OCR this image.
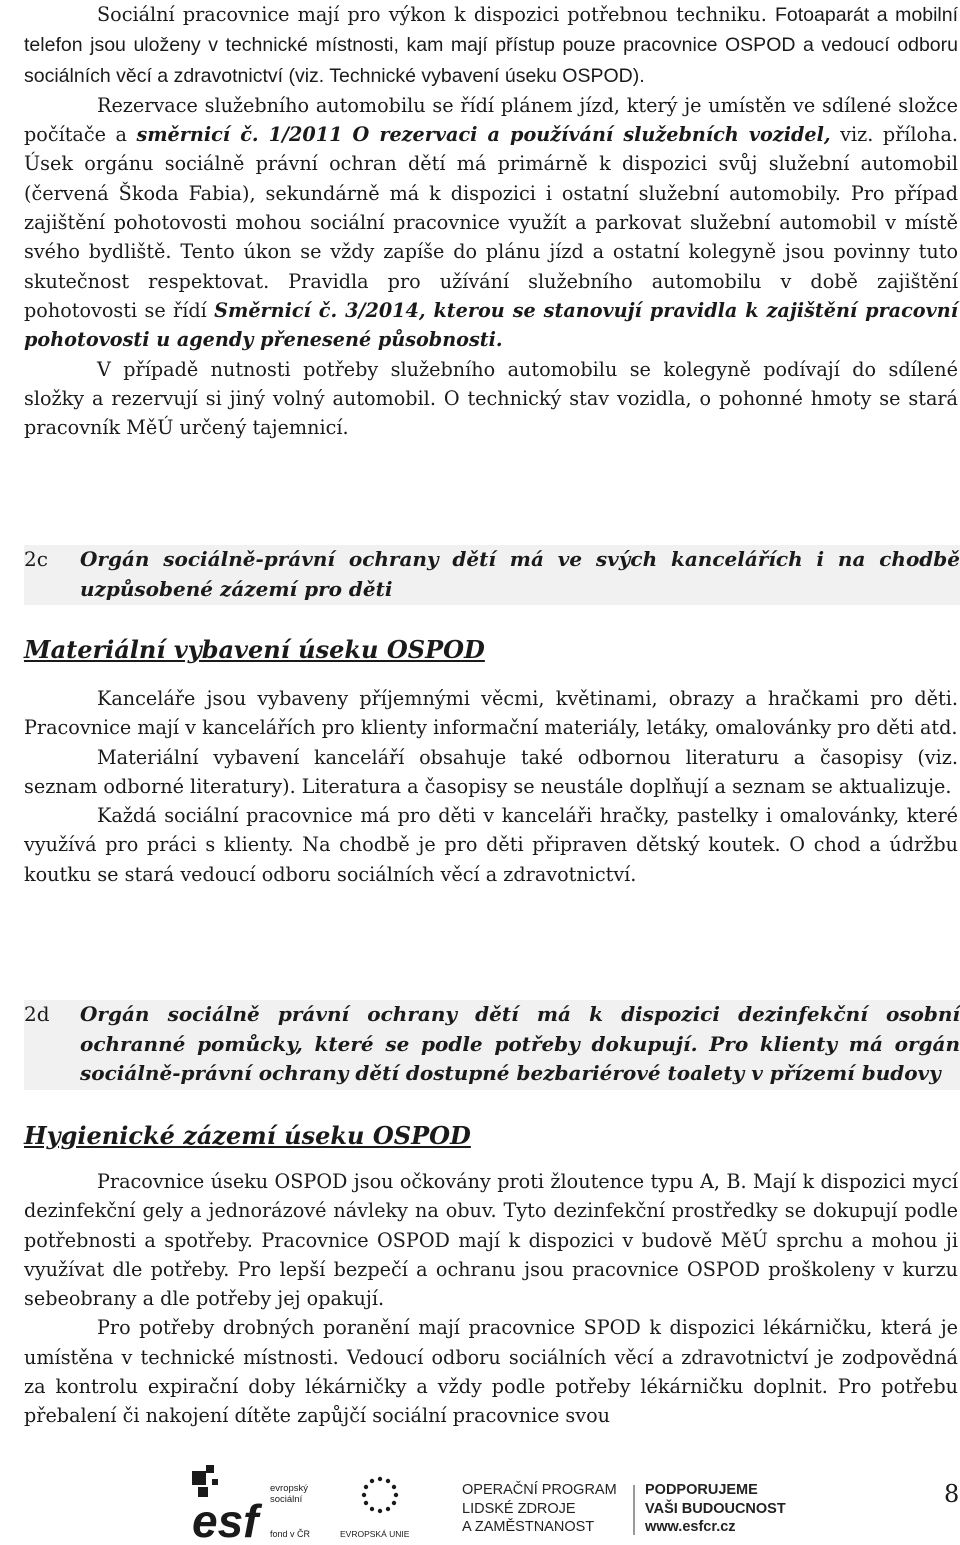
Sociální pracovnice mají pro výkon k dispozici potřebnou techniku. Fotoaparát a mobilní telefon jsou uloženy v technické místnosti, kam mají přístup pouze pracovnice OSPOD a vedoucí odboru sociálních věcí a zdravotnictví (viz. Technické vybavení úseku OSPOD).

Rezervace služebního automobilu se řídí plánem jízd, který je umístěn ve sdílené složce počítače a směrnicí č. 1/2011 O rezervaci a používání služebních vozidel, viz. příloha. Úsek orgánu sociálně právní ochran dětí má primárně k dispozici svůj služební automobil (červená Škoda Fabia), sekundárně má k dispozici i ostatní služební automobily. Pro případ zajištění pohotovosti mohou sociální pracovnice využít a parkovat služební automobil v místě svého bydliště. Tento úkon se vždy zapíše do plánu jízd a ostatní kolegyně jsou povinny tuto skutečnost respektovat. Pravidla pro užívání služebního automobilu v době zajištění pohotovosti se řídí Směrnicí č. 3/2014, kterou se stanovují pravidla k zajištění pracovní pohotovosti u agendy přenesené působnosti.

V případě nutnosti potřeby služebního automobilu se kolegyně podívají do sdílené složky a rezervují si jiný volný automobil. O technický stav vozidla, o pohonné hmoty se stará pracovník MěÚ určený tajemnicí.

2c	Orgán sociálně-právní ochrany dětí má ve svých kancelářích i na chodbě uzpůsobené zázemí pro děti
Materiální vybavení úseku OSPOD

Kanceláře jsou vybaveny příjemnými věcmi, květinami, obrazy a hračkami pro děti. Pracovnice mají v kancelářích pro klienty informační materiály, letáky, omalovánky pro děti atd.

Materiální vybavení kanceláří obsahuje také odbornou literaturu a časopisy (viz. seznam odborné literatury). Literatura a časopisy se neustále doplňují a seznam se aktualizuje.

Každá sociální pracovnice má pro děti v kanceláři hračky, pastelky i omalovánky, které využívá pro práci s klienty. Na chodbě je pro děti připraven dětský koutek. O chod a údržbu koutku se stará vedoucí odboru sociálních věcí a zdravotnictví.

2d	Orgán sociálně právní ochrany dětí má k dispozici dezinfekční osobní ochranné pomůcky, které se podle potřeby dokupují. Pro klienty má orgán sociálně-právní ochrany dětí dostupné bezbariérové toalety v přízemí budovy
Hygienické zázemí úseku OSPOD

Pracovnice úseku OSPOD jsou očkovány proti žloutence typu A, B. Mají k dispozici mycí dezinfekční gely a jednorázové návleky na obuv. Tyto dezinfekční prostředky se dokupují podle potřebnosti a spotřeby. Pracovnice OSPOD mají k dispozici v budově MěÚ sprchu a mohou ji využívat dle potřeby. Pro lepší bezpečí a ochranu jsou pracovnice OSPOD proškoleny v kurzu sebeobrany a dle potřeby jej opakují.

Pro potřeby drobných poranění mají pracovnice SPOD k dispozici lékárničku, která je umístěna v technické místnosti. Vedoucí odboru sociálních věcí a zdravotnictví je zodpovědná za kontrolu expirační doby lékárničky a vždy podle potřeby lékárničku doplnit. Pro potřebu přebalení či nakojení dítěte zapůjčí sociální pracovnice svou

esf
evropský
sociální
fond v ČR	EVROPSKÁ UNIE
OPERAČNÍ PROGRAM
LIDSKÉ ZDROJE
A ZAMĚSTNANOST
PODPORUJEME
VAŠI BUDOUCNOST
www.esfcr.cz
8
